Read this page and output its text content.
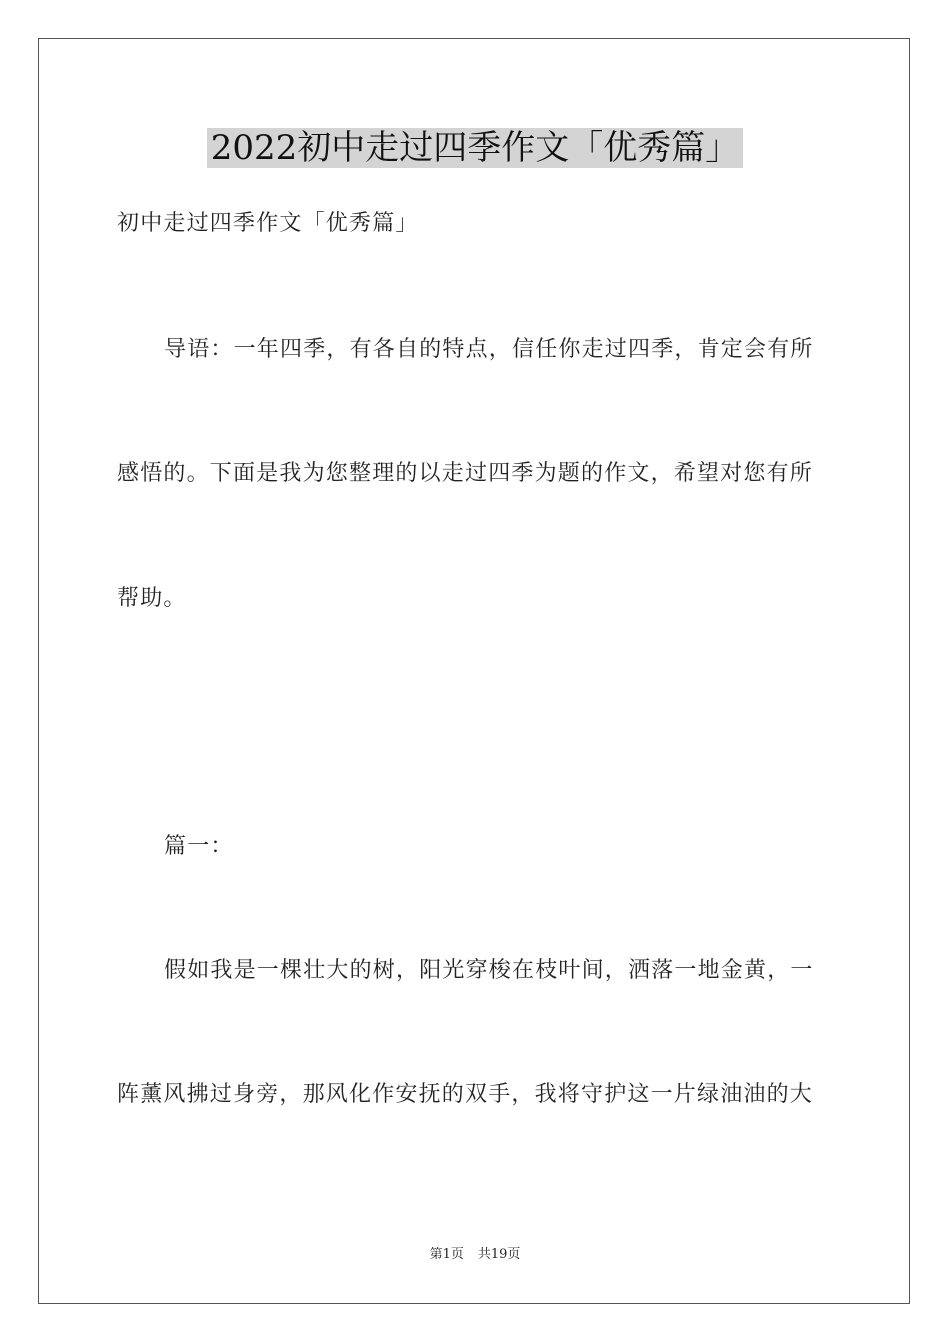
2022初中走过四季作文「优秀篇」
初中走过四季作文「优秀篇」
导语：一年四季，有各自的特点，信任你走过四季，肯定会有所
感悟的。下面是我为您整理的以走过四季为题的作文，希望对您有所
帮助。
篇一：
假如我是一棵壮大的树，阳光穿梭在枝叶间，洒落一地金黄，一
阵薰风拂过身旁，那风化作安抚的双手，我将守护这一片绿油油的大
第1页 共19页
